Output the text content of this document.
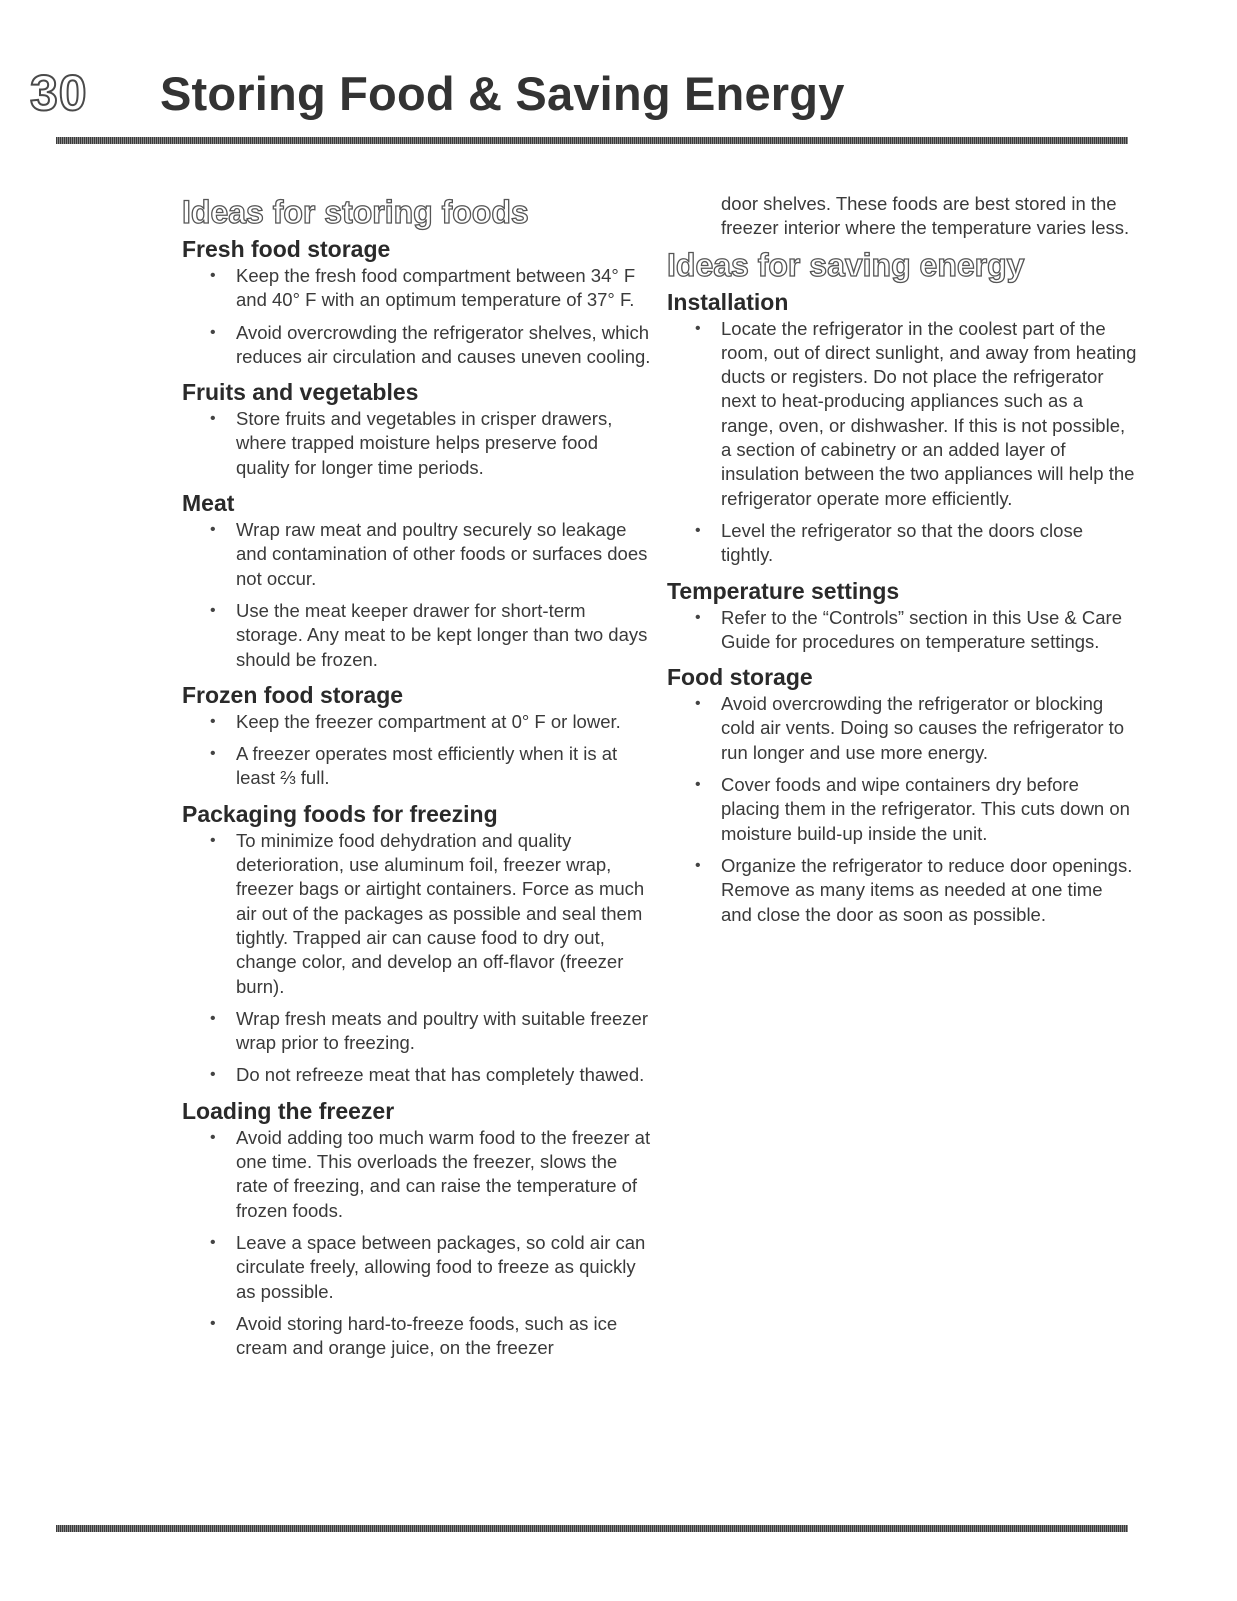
30	Storing Food & Saving Energy
Ideas for storing foods
Fresh food storage
• Keep the fresh food compartment between 34° F and 40° F with an optimum temperature of 37° F.
• Avoid overcrowding the refrigerator shelves, which reduces air circulation and causes uneven cooling.
Fruits and vegetables
• Store fruits and vegetables in crisper drawers, where trapped moisture helps preserve food quality for longer time periods.
Meat
• Wrap raw meat and poultry securely so leakage and contamination of other foods or surfaces does not occur.
• Use the meat keeper drawer for short-term storage. Any meat to be kept longer than two days should be frozen.
Frozen food storage
• Keep the freezer compartment at 0° F or lower.
• A freezer operates most efficiently when it is at least ⅔ full.
Packaging foods for freezing
• To minimize food dehydration and quality deterioration, use aluminum foil, freezer wrap, freezer bags or airtight containers. Force as much air out of the packages as possible and seal them tightly. Trapped air can cause food to dry out, change color, and develop an off-flavor (freezer burn).
• Wrap fresh meats and poultry with suitable freezer wrap prior to freezing.
• Do not refreeze meat that has completely thawed.
Loading the freezer
• Avoid adding too much warm food to the freezer at one time. This overloads the freezer, slows the rate of freezing, and can raise the temperature of frozen foods.
• Leave a space between packages, so cold air can circulate freely, allowing food to freeze as quickly as possible.
• Avoid storing hard-to-freeze foods, such as ice cream and orange juice, on the freezer

door shelves. These foods are best stored in the freezer interior where the temperature varies less.

Ideas for saving energy
Installation
• Locate the refrigerator in the coolest part of the room, out of direct sunlight, and away from heating ducts or registers. Do not place the refrigerator next to heat-producing appliances such as a range, oven, or dishwasher. If this is not possible, a section of cabinetry or an added layer of insulation between the two appliances will help the refrigerator operate more efficiently.
• Level the refrigerator so that the doors close tightly.
Temperature settings
• Refer to the “Controls” section in this Use & Care Guide for procedures on temperature settings.
Food storage
• Avoid overcrowding the refrigerator or blocking cold air vents. Doing so causes the refrigerator to run longer and use more energy.
• Cover foods and wipe containers dry before placing them in the refrigerator. This cuts down on moisture build-up inside the unit.
• Organize the refrigerator to reduce door openings. Remove as many items as needed at one time and close the door as soon as possible.
